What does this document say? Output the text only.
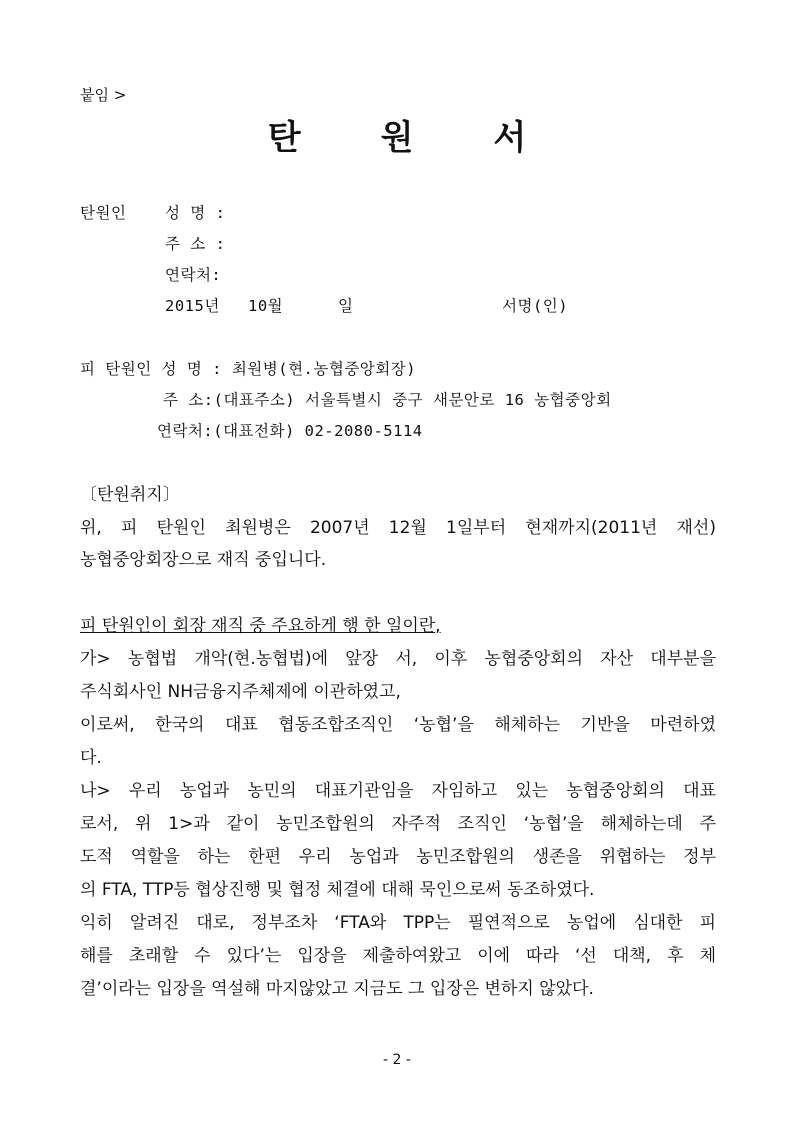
붙임 >
탄 원 서
탄원인 성 명 :
주 소 :
연락처:
2015년 10월	일	서명(인)
피 탄원인 성 명 : 최원병(현.농협중앙회장)
주 소:(대표주소) 서울특별시 중구 새문안로 16 농협중앙회
연락처:(대표전화) 02-2080-5114
〔탄원취지〕
위, 피 탄원인 최원병은 2007년 12월 1일부터 현재까지(2011년 재선)
농협중앙회장으로 재직 중입니다.
피 탄원인이 회장 재직 중 주요하게 행 한 일이란,
가> 농협법 개악(현.농협법)에 앞장 서, 이후 농협중앙회의 자산 대부분을
주식회사인 NH금융지주체제에 이관하였고,
이로써, 한국의 대표 협동조합조직인 ‘농협’을 해체하는 기반을 마련하였
다.
나> 우리 농업과 농민의 대표기관임을 자임하고 있는 농협중앙회의 대표
로서, 위 1>과 같이 농민조합원의 자주적 조직인 ‘농협’을 해체하는데 주
도적 역할을 하는 한편 우리 농업과 농민조합원의 생존을 위협하는 정부
의 FTA, TTP등 협상진행 및 협정 체결에 대해 묵인으로써 동조하였다.
익히 알려진 대로, 정부조차 ‘FTA와 TPP는 필연적으로 농업에 심대한 피
해를 초래할 수 있다’는 입장을 제출하여왔고 이에 따라 ‘선 대책, 후 체
결’이라는 입장을 역설해 마지않았고 지금도 그 입장은 변하지 않았다.
- 2 -
